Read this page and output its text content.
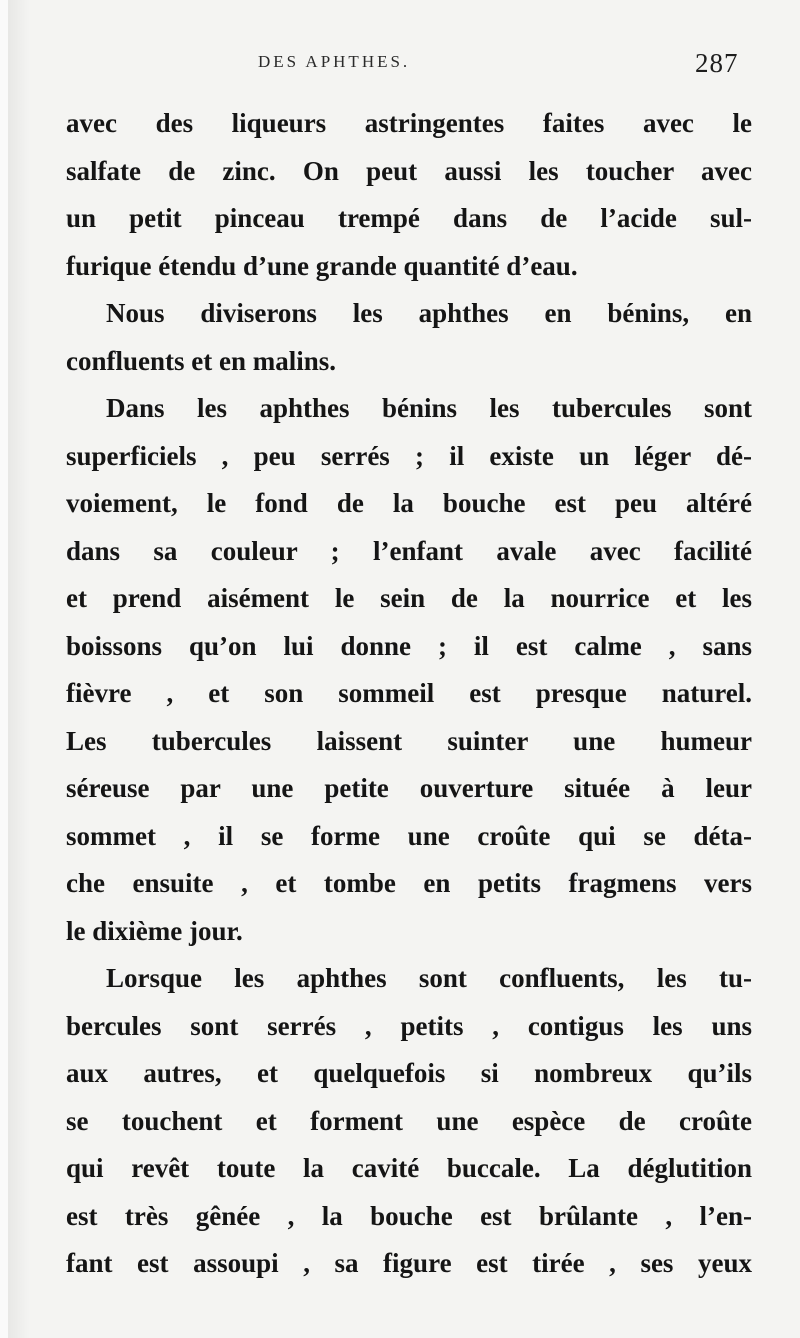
DES APHTHES.	287
avec des liqueurs astringentes faites avec le
salfate de zinc. On peut aussi les toucher avec
un petit pinceau trempé dans de l’acide sul-
furique étendu d’une grande quantité d’eau.
Nous diviserons les aphthes en bénins, en
confluents et en malins.
Dans les aphthes bénins les tubercules sont
superficiels , peu serrés ; il existe un léger dé-
voiement, le fond de la bouche est peu altéré
dans sa couleur ; l’enfant avale avec facilité
et prend aisément le sein de la nourrice et les
boissons qu’on lui donne ; il est calme , sans
fièvre , et son sommeil est presque naturel.
Les tubercules laissent suinter une humeur
séreuse par une petite ouverture située à leur
sommet , il se forme une croûte qui se déta-
che ensuite , et tombe en petits fragmens vers
le dixième jour.
Lorsque les aphthes sont confluents, les tu-
bercules sont serrés , petits , contigus les uns
aux autres, et quelquefois si nombreux qu’ils
se touchent et forment une espèce de croûte
qui revêt toute la cavité buccale. La déglutition
est très gênée , la bouche est brûlante , l’en-
fant est assoupi , sa figure est tirée , ses yeux
